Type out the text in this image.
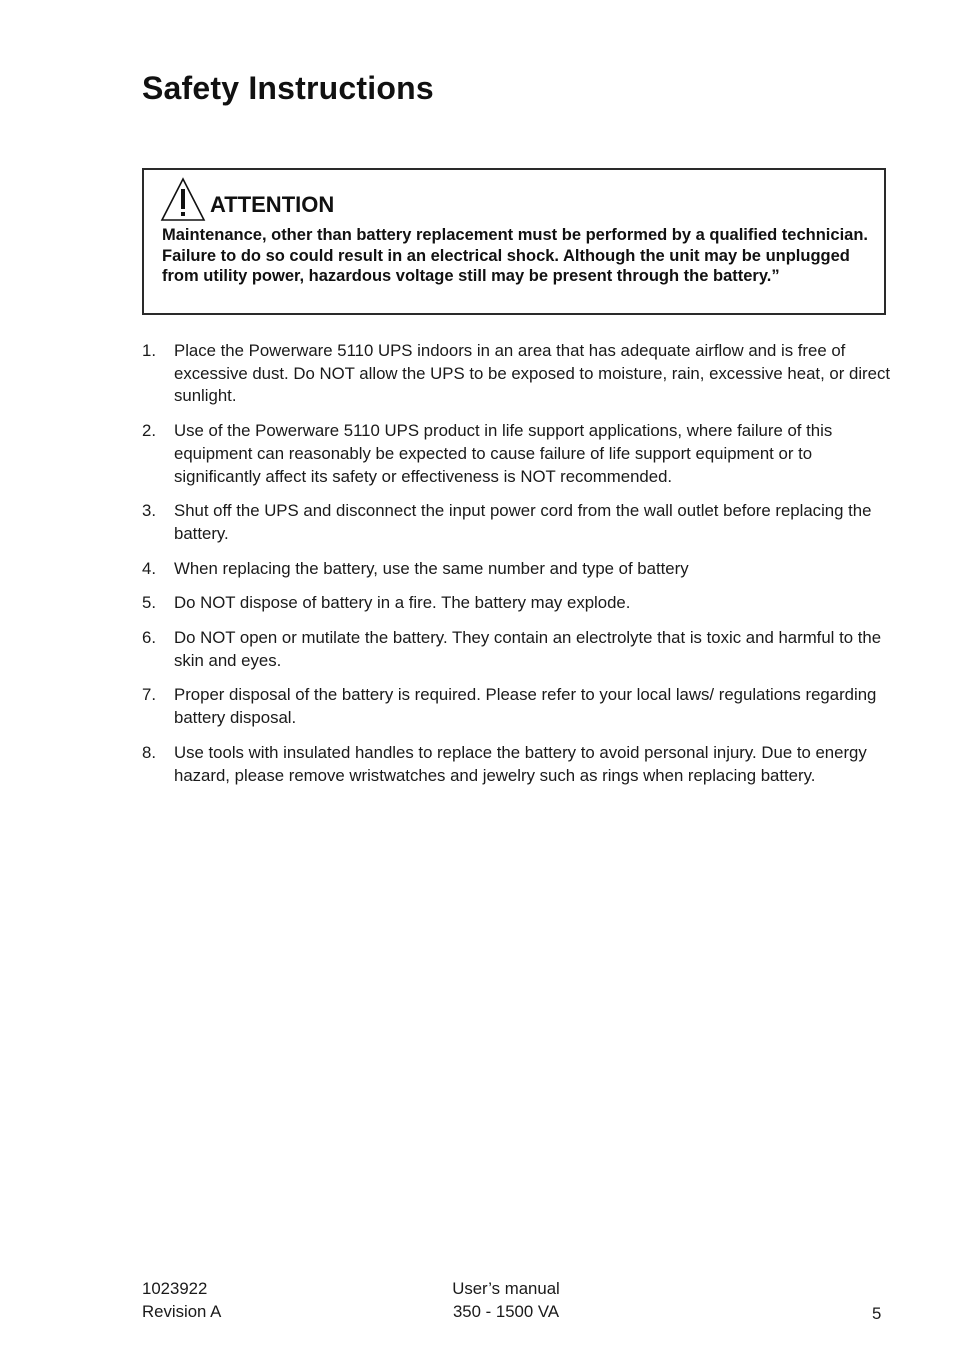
Safety Instructions
ATTENTION

Maintenance, other than battery replacement must be performed by a qualified technician. Failure to do so could result in an electrical shock. Although the unit may be unplugged from utility power, hazardous voltage still may be present through the battery.”

1.	Place the Powerware 5110 UPS indoors in an area that has adequate airflow and is free of excessive dust. Do NOT allow the UPS to be exposed to moisture, rain, excessive heat, or direct sunlight.
2.	Use of the Powerware 5110 UPS product in life support applications, where failure of this equipment can reasonably be expected to cause failure of life support equipment or to significantly affect its safety or effectiveness is NOT recommended.
3.	Shut off the UPS and disconnect the input power cord from the wall outlet before replacing the battery.
4.	When replacing the battery, use the same number and type of battery
5.	Do NOT dispose of battery in a fire. The battery may explode.
6.	Do NOT open or mutilate the battery. They contain an electrolyte that is toxic and harmful to the skin and eyes.
7.	Proper disposal of the battery is required. Please refer to your local laws/ regulations regarding battery disposal.
8.	Use tools with insulated handles to replace the battery to avoid personal injury. Due to energy hazard, please remove wristwatches and jewelry such as rings when replacing battery.
1023922
Revision A
User’s manual
350 - 1500 VA	5
